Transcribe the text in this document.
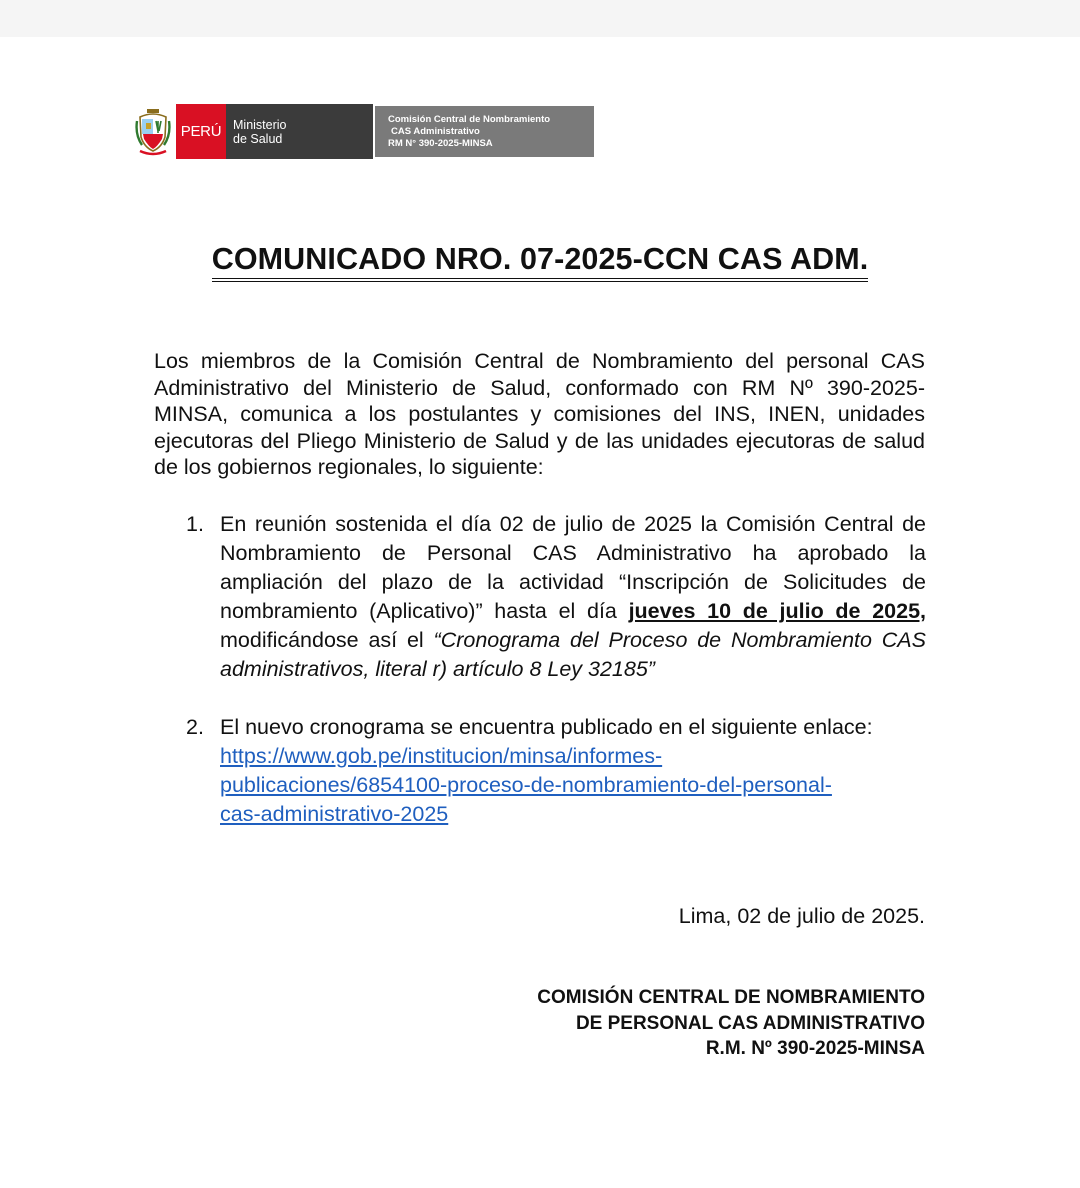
PERÚ Ministerio
de Salud
Comisión Central de Nombramiento
CAS Administrativo
RM N° 390-2025-MINSA
COMUNICADO NRO. 07-2025-CCN CAS ADM.
Los miembros de la Comisión Central de Nombramiento del personal CAS Administrativo del Ministerio de Salud, conformado con RM Nº 390-2025-MINSA, comunica a los postulantes y comisiones del INS, INEN, unidades ejecutoras del Pliego Ministerio de Salud y de las unidades ejecutoras de salud de los gobiernos regionales, lo siguiente:
1. En reunión sostenida el día 02 de julio de 2025 la Comisión Central de Nombramiento de Personal CAS Administrativo ha aprobado la ampliación del plazo de la actividad “Inscripción de Solicitudes de nombramiento (Aplicativo)” hasta el día jueves 10 de julio de 2025, modificándose así el “Cronograma del Proceso de Nombramiento CAS administrativos, literal r) artículo 8 Ley 32185”
2. El nuevo cronograma se encuentra publicado en el siguiente enlace:
https://www.gob.pe/institucion/minsa/informes-
publicaciones/6854100-proceso-de-nombramiento-del-personal-
cas-administrativo-2025
Lima, 02 de julio de 2025.
COMISIÓN CENTRAL DE NOMBRAMIENTO
DE PERSONAL CAS ADMINISTRATIVO
R.M. Nº 390-2025-MINSA
